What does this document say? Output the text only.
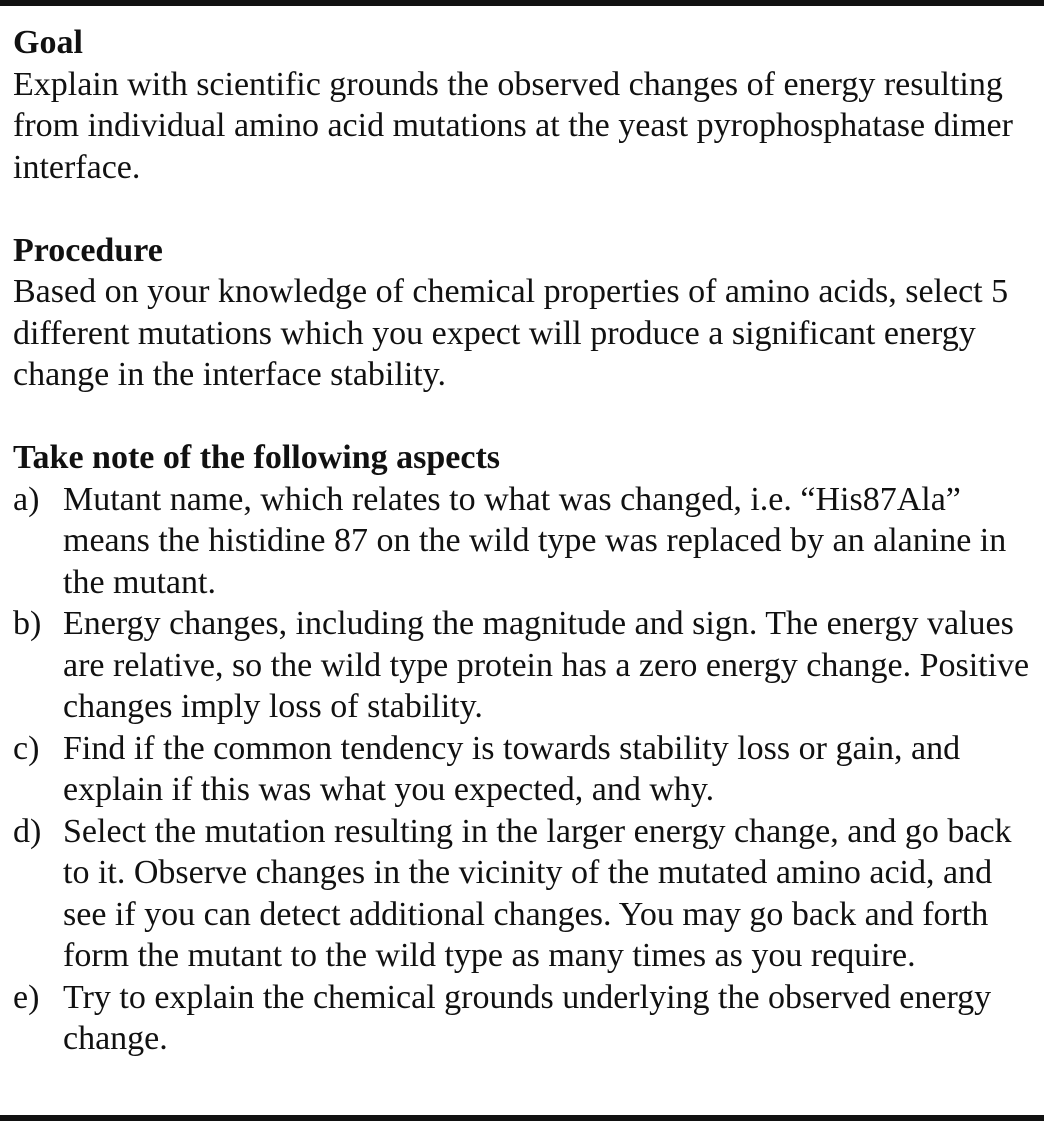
Goal

Explain with scientific grounds the observed changes of energy resulting from individual amino acid mutations at the yeast pyrophosphatase dimer interface.

Procedure

Based on your knowledge of chemical properties of amino acids, select 5 different mutations which you expect will produce a significant energy change in the interface stability.

Take note of the following aspects

a) Mutant name, which relates to what was changed, i.e. “His87Ala” means the histidine 87 on the wild type was replaced by an alanine in the mutant.
b) Energy changes, including the magnitude and sign. The energy values are relative, so the wild type protein has a zero energy change. Positive changes imply loss of stability.
c) Find if the common tendency is towards stability loss or gain, and explain if this was what you expected, and why.
d) Select the mutation resulting in the larger energy change, and go back to it. Observe changes in the vicinity of the mutated amino acid, and see if you can detect additional changes. You may go back and forth form the mutant to the wild type as many times as you require.
e) Try to explain the chemical grounds underlying the observed energy change.
